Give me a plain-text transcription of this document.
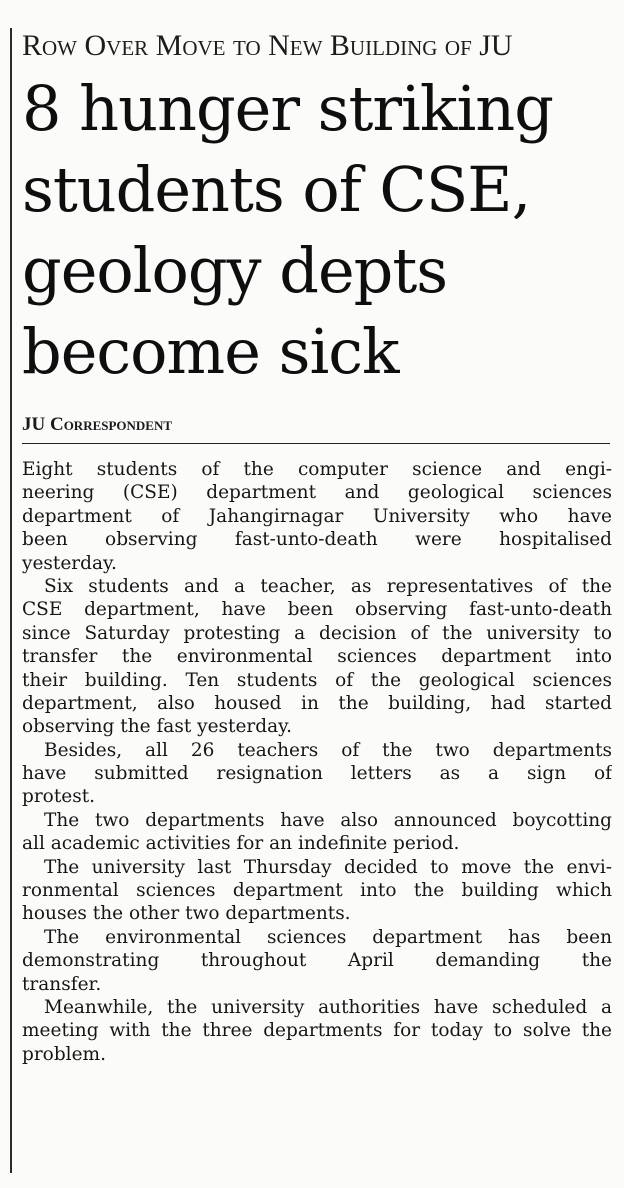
Row Over Move to New Building of JU
8 hunger striking
students of CSE,
geology depts
become sick
JU Correspondent
Eight students of the computer science and engi-
neering (CSE) department and geological sciences
department of Jahangirnagar University who have
been observing fast-unto-death were hospitalised
yesterday.
Six students and a teacher, as representatives of the
CSE department, have been observing fast-unto-death
since Saturday protesting a decision of the university to
transfer the environmental sciences department into
their building. Ten students of the geological sciences
department, also housed in the building, had started
observing the fast yesterday.
Besides, all 26 teachers of the two departments
have submitted resignation letters as a sign of
protest.
The two departments have also announced boycotting
all academic activities for an indefinite period.
The university last Thursday decided to move the envi-
ronmental sciences department into the building which
houses the other two departments.
The environmental sciences department has been
demonstrating throughout April demanding the
transfer.
Meanwhile, the university authorities have scheduled a
meeting with the three departments for today to solve the
problem.
